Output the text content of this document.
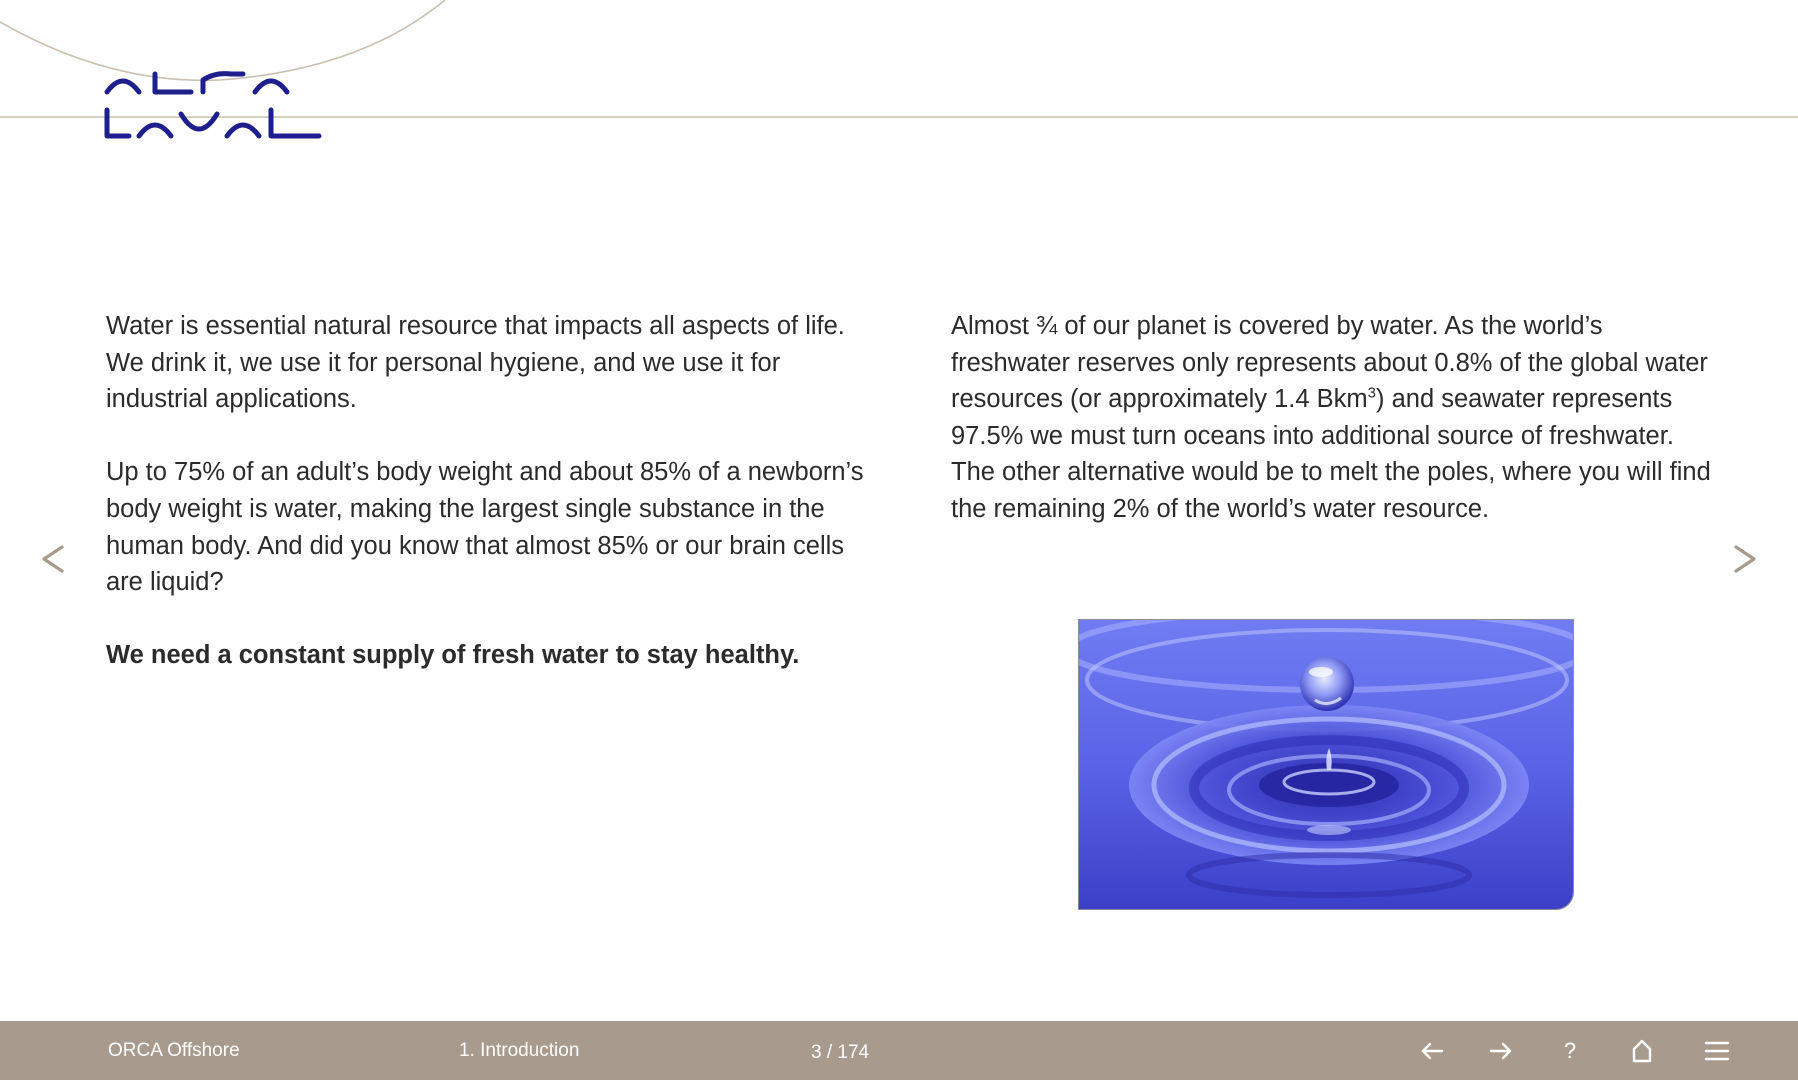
Water is essential natural resource that impacts all aspects of life. We drink it, we use it for personal hygiene, and we use it for industrial applications.

Up to 75% of an adult’s body weight and about 85% of a newborn’s body weight is water, making the largest single substance in the human body. And did you know that almost 85% or our brain cells are liquid?

We need a constant supply of fresh water to stay healthy.

Almost ¾ of our planet is covered by water. As the world’s freshwater reserves only represents about 0.8% of the global water resources (or approximately 1.4 Bkm$^3$) and seawater represents 97.5% we must turn oceans into additional source of freshwater. The other alternative would be to melt the poles, where you will find the remaining 2% of the world’s water resource.

ORCA Offshore	1. Introduction	3 / 174	?
